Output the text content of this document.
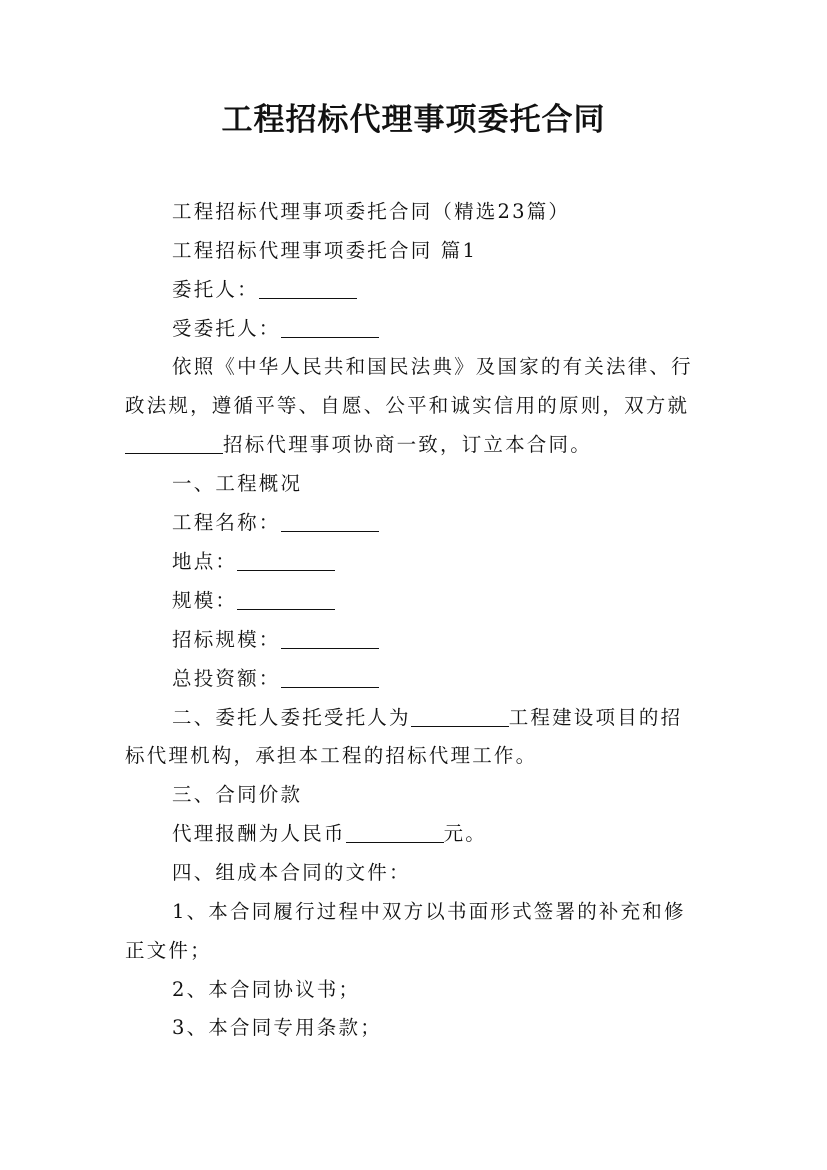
工程招标代理事项委托合同
工程招标代理事项委托合同（精选23篇）
工程招标代理事项委托合同 篇1
委托人：
受委托人：
依照《中华人民共和国民法典》及国家的有关法律、行
政法规，遵循平等、自愿、公平和诚实信用的原则，双方就
招标代理事项协商一致，订立本合同。
一、工程概况
工程名称：
地点：
规模：
招标规模：
总投资额：
二、委托人委托受托人为	工程建设项目的招
标代理机构，承担本工程的招标代理工作。
三、合同价款
代理报酬为人民币	元。
四、组成本合同的文件：
1、本合同履行过程中双方以书面形式签署的补充和修
正文件；
2、本合同协议书；
3、本合同专用条款；
